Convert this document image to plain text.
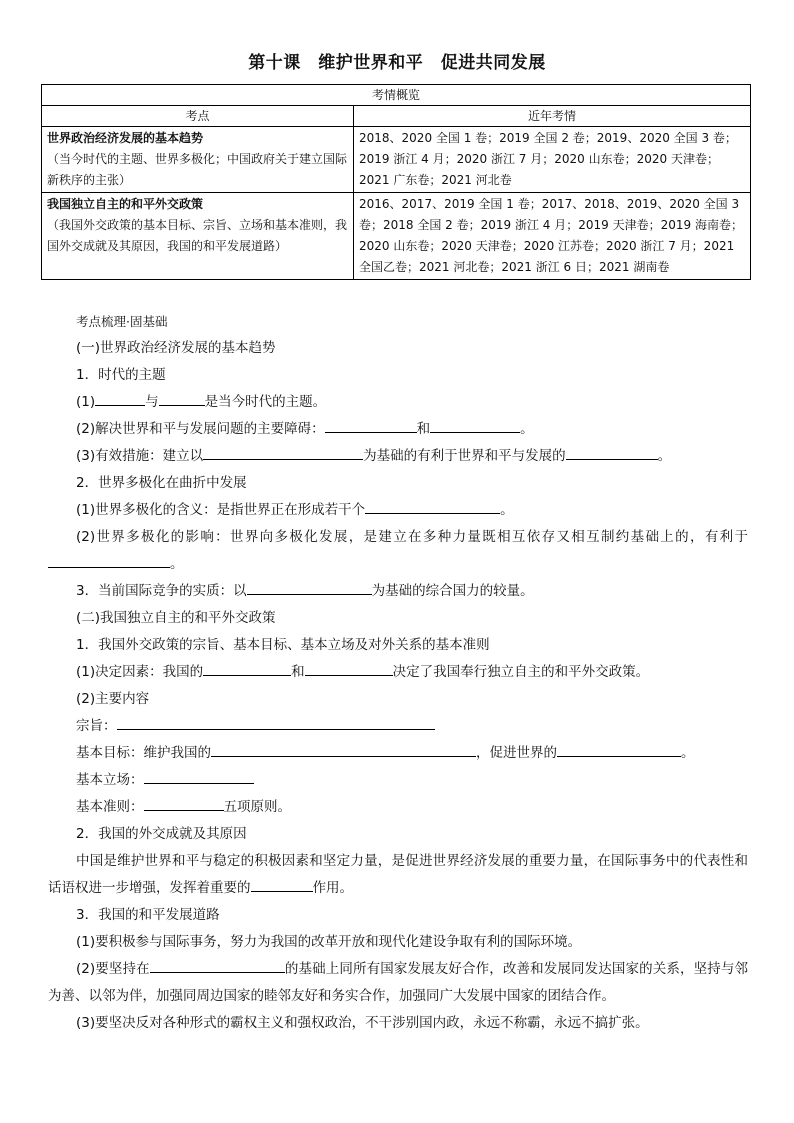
第十课　维护世界和平　促进共同发展
考情概览	
考点	近年考情

世界政治经济发展的基本趋势
（当今时代的主题、世界多极化；中国政府关于建立国际新秩序的主张）	2018、2020 全国 1 卷；2019 全国 2 卷；2019、2020 全国 3 卷；2019 浙江 4 月；2020 浙江 7 月；2020 山东卷；2020 天津卷；2021 广东卷；2021 河北卷

我国独立自主的和平外交政策
（我国外交政策的基本目标、宗旨、立场和基本准则，我国外交成就及其原因，我国的和平发展道路）	2016、2017、2019 全国 1 卷；2017、2018、2019、2020 全国 3 卷；2018 全国 2 卷；2019 浙江 4 月；2019 天津卷；2019 海南卷；2020 山东卷；2020 天津卷；2020 江苏卷；2020 浙江 7 月；2021 全国乙卷；2021 河北卷；2021 浙江 6 日；2021 湖南卷
考点梳理·固基础
(一)世界政治经济发展的基本趋势
1．时代的主题
(1)	与	是当今时代的主题。
(2)解决世界和平与发展问题的主要障碍：	和	。
(3)有效措施：建立以	为基础的有利于世界和平与发展的	。
2．世界多极化在曲折中发展
(1)世界多极化的含义：是指世界正在形成若干个	。
(2)世界多极化的影响：世界向多极化发展，是建立在多种力量既相互依存又相互制约基础上的，有利于。
3．当前国际竞争的实质：以	为基础的综合国力的较量。
(二)我国独立自主的和平外交政策
1．我国外交政策的宗旨、基本目标、基本立场及对外关系的基本准则
(1)决定因素：我国的	和	决定了我国奉行独立自主的和平外交政策。
(2)主要内容
宗旨：
基本目标：维护我国的	，促进世界的	。
基本立场：
基本准则：	五项原则。
2．我国的外交成就及其原因
中国是维护世界和平与稳定的积极因素和坚定力量，是促进世界经济发展的重要力量，在国际事务中的代表性和话语权进一步增强，发挥着重要的	作用。
3．我国的和平发展道路
(1)要积极参与国际事务，努力为我国的改革开放和现代化建设争取有利的国际环境。
(2)要坚持在	的基础上同所有国家发展友好合作，改善和发展同发达国家的关系，坚持与邻为善、以邻为伴，加强同周边国家的睦邻友好和务实合作，加强同广大发展中国家的团结合作。
(3)要坚决反对各种形式的霸权主义和强权政治，不干涉别国内政，永远不称霸，永远不搞扩张。
